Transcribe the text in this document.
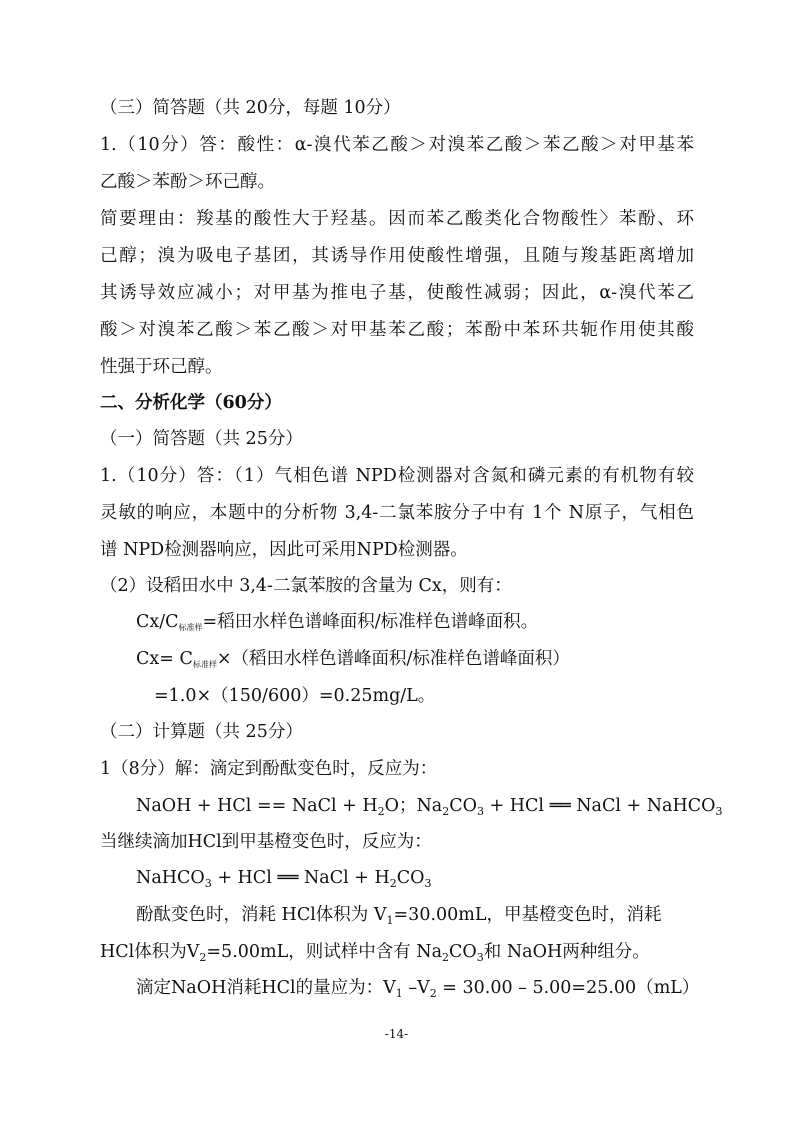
（三）简答题（共 20分，每题 10分）
1.（10分）答：酸性：α-溴代苯乙酸＞对溴苯乙酸＞苯乙酸＞对甲基苯
乙酸＞苯酚＞环己醇。
简要理由：羧基的酸性大于羟基。因而苯乙酸类化合物酸性〉苯酚、环
己醇；溴为吸电子基团，其诱导作用使酸性增强，且随与羧基距离增加
其诱导效应减小；对甲基为推电子基，使酸性减弱；因此，α-溴代苯乙
酸＞对溴苯乙酸＞苯乙酸＞对甲基苯乙酸；苯酚中苯环共轭作用使其酸
性强于环己醇。
二、分析化学（60分）
（一）简答题（共 25分）
1.（10分）答：（1）气相色谱 NPD检测器对含氮和磷元素的有机物有较
灵敏的响应，本题中的分析物 3,4-二氯苯胺分子中有 1个 N原子，气相色
谱 NPD检测器响应，因此可采用NPD检测器。
（2）设稻田水中 3,4-二氯苯胺的含量为 Cx，则有：
Cx/C标准样=稻田水样色谱峰面积/标准样色谱峰面积。
Cx= C标准样×（稻田水样色谱峰面积/标准样色谱峰面积）
=1.0×（150/600）=0.25mg/L。
（二）计算题（共 25分）
1（8分）解：滴定到酚酞变色时，反应为：
NaOH + HCl == NaCl + $H_2O$；$Na_2CO_3$ + HCl ══ NaCl + NaHCO$_3$
当继续滴加HCl到甲基橙变色时，反应为：
NaHCO$_3$ + HCl ══ NaCl + $H_2CO_3$
酚酞变色时，消耗 HCl体积为 $V_1=30.00mL$，甲基橙变色时，消耗
HCl体积为$V_2=5.00mL$，则试样中含有 $Na_2CO_3$和 NaOH两种组分。
滴定NaOH消耗HCl的量应为：$V_1$ $-V_2 = 30.00 - 5.00=25.00(mL)$
-14-
